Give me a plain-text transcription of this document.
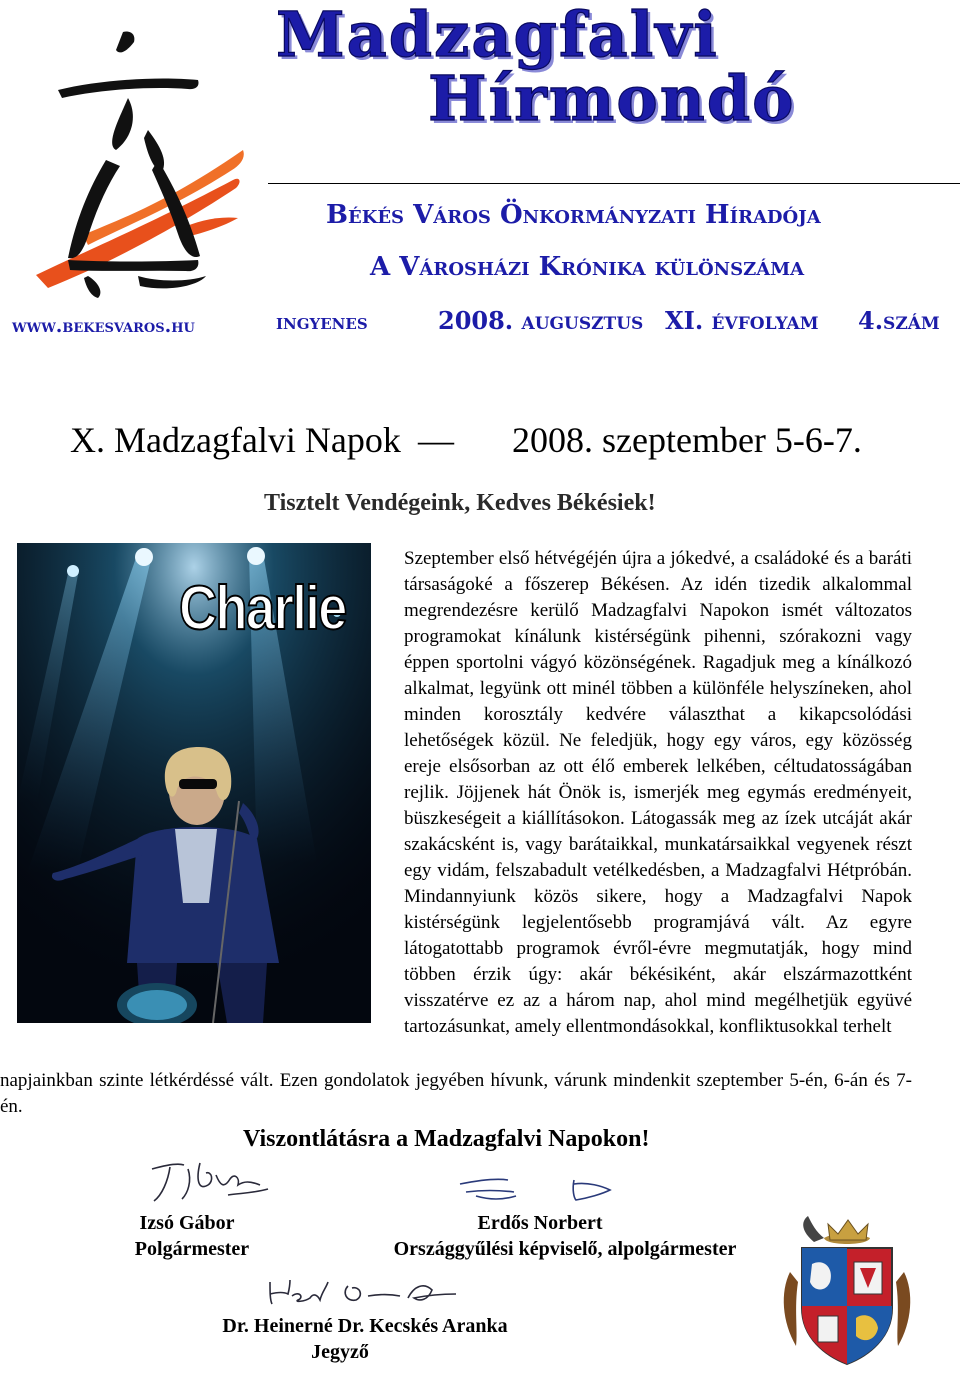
Madzagfalvi
Hírmondó
Békés Város Önkormányzati Híradója
A Városházi Krónika különszáma
www.bekesvaros.hu	ingyenes	2008. augusztus XI. évfolyam 4.szám
X. Madzagfalvi Napok — 2008. szeptember 5-6-7.
Tisztelt Vendégeink, Kedves Békésiek!
Charlie

Szeptember első hétvégéjén újra a jókedvé, a családoké és a baráti társaságoké a főszerep Békésen. Az idén tizedik alkalommal megrendezésre kerülő Madzagfalvi Napokon ismét változatos programokat kínálunk kistérségünk pihenni, szórakozni vagy éppen sportolni vágyó közönségének. Ragadjuk meg a kínálkozó alkalmat, legyünk ott minél többen a különféle helyszíneken, ahol minden korosztály kedvére választhat a kikapcsolódási lehetőségek közül. Ne feledjük, hogy egy város, egy közösség ereje elsősorban az ott élő emberek lelkében, céltudatosságában rejlik. Jöjjenek hát Önök is, ismerjék meg egymás eredményeit, büszkeségeit a kiállításokon. Látogassák meg az ízek utcáját akár szakácsként is, vagy barátaikkal, munkatársaikkal vegyenek részt egy vidám, felszabadult vetélkedésben, a Madzagfalvi Hétpróbán. Mindannyiunk közös sikere, hogy a Madzagfalvi Napok kistérségünk legjelentősebb programjává vált. Az egyre látogatottabb programok évről-évre megmutatják, hogy mind többen érzik úgy: akár békésiként, akár elszármazottként visszatérve ez az a három nap, ahol mind megélhetjük együvé tartozásunkat, amely ellentmondásokkal, konfliktusokkal terhelt

napjainkban szinte létkérdéssé vált. Ezen gondolatok jegyében hívunk, várunk mindenkit szeptember 5-én, 6-án és 7-én.
Viszontlátásra a Madzagfalvi Napokon!
Izsó Gábor
Polgármester
Erdős Norbert
Országgyűlési képviselő, alpolgármester
Dr. Heinerné Dr. Kecskés Aranka
Jegyző
